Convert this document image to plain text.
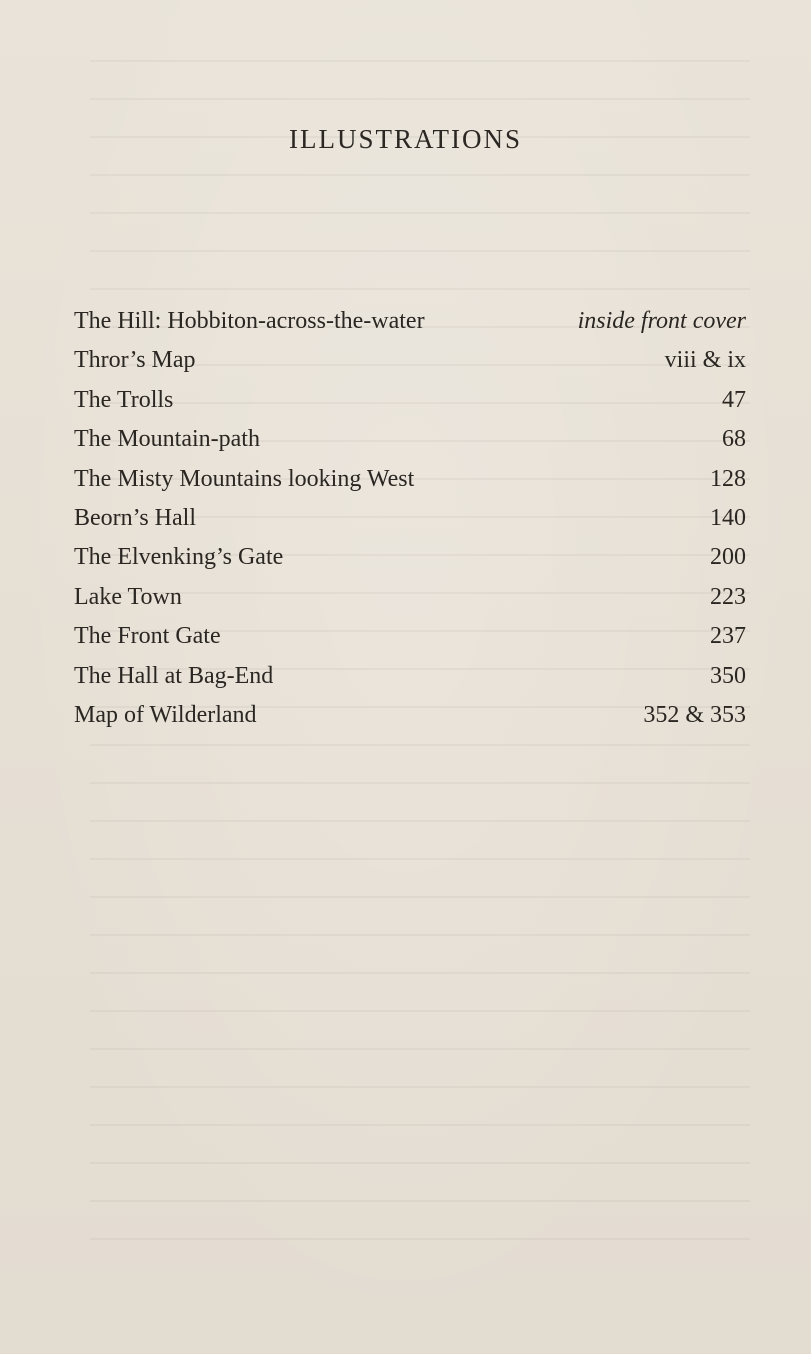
ILLUSTRATIONS
The Hill: Hobbiton-across-the-water	inside front cover
Thror’s Map	viii & ix
The Trolls	47
The Mountain-path	68
The Misty Mountains looking West	128
Beorn’s Hall	140
The Elvenking’s Gate	200
Lake Town	223
The Front Gate	237
The Hall at Bag-End	350
Map of Wilderland	352 & 353
